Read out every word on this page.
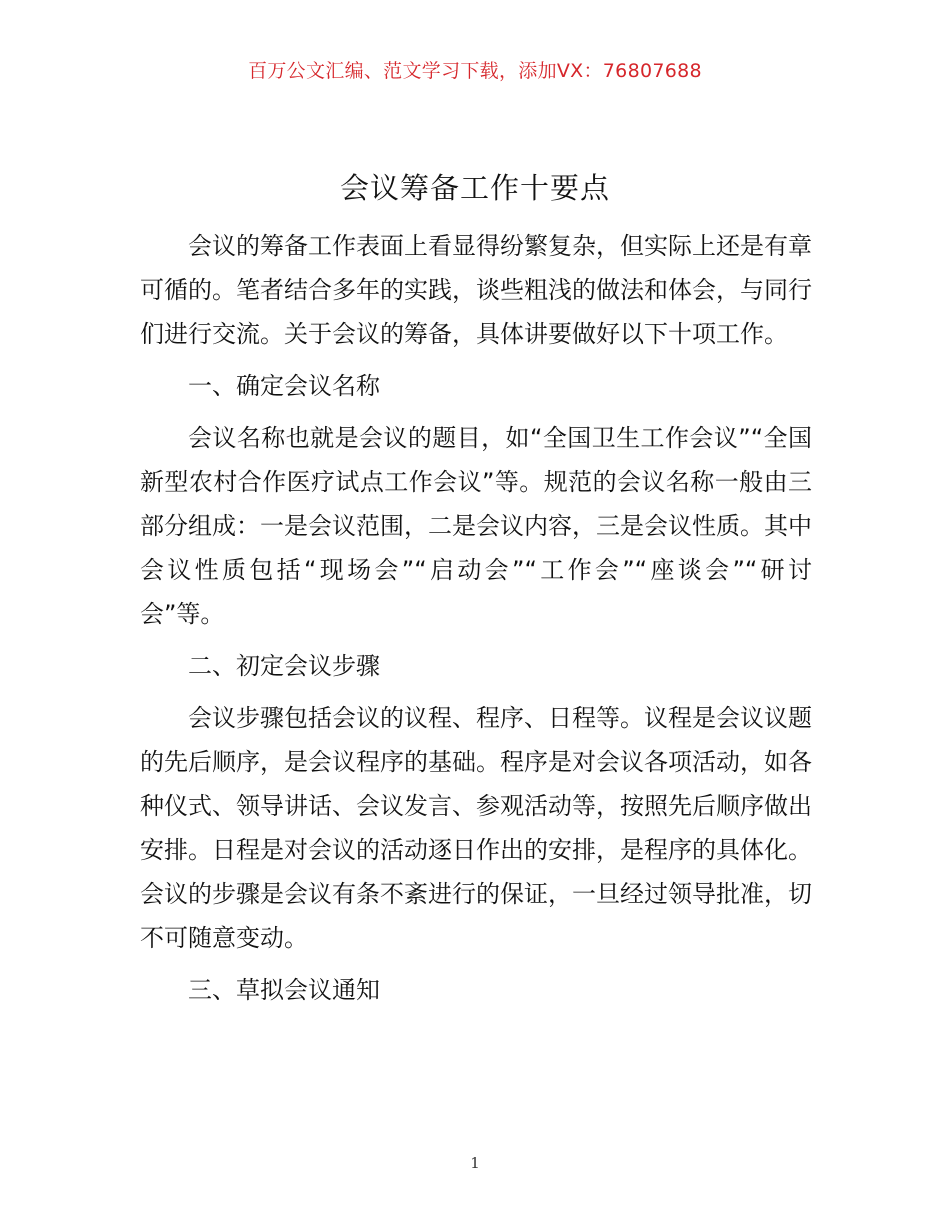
百万公文汇编、范文学习下载，添加VX：76807688
会议筹备工作十要点

会议的筹备工作表面上看显得纷繁复杂，但实际上还是有章可循的。笔者结合多年的实践，谈些粗浅的做法和体会，与同行们进行交流。关于会议的筹备，具体讲要做好以下十项工作。

一、确定会议名称

会议名称也就是会议的题目，如“全国卫生工作会议”“全国新型农村合作医疗试点工作会议”等。规范的会议名称一般由三部分组成：一是会议范围，二是会议内容，三是会议性质。其中会议性质包括“现场会”“启动会”“工作会”“座谈会”“研讨会”等。

二、初定会议步骤

会议步骤包括会议的议程、程序、日程等。议程是会议议题的先后顺序，是会议程序的基础。程序是对会议各项活动，如各种仪式、领导讲话、会议发言、参观活动等，按照先后顺序做出安排。日程是对会议的活动逐日作出的安排，是程序的具体化。会议的步骤是会议有条不紊进行的保证，一旦经过领导批准，切不可随意变动。

三、草拟会议通知

1
